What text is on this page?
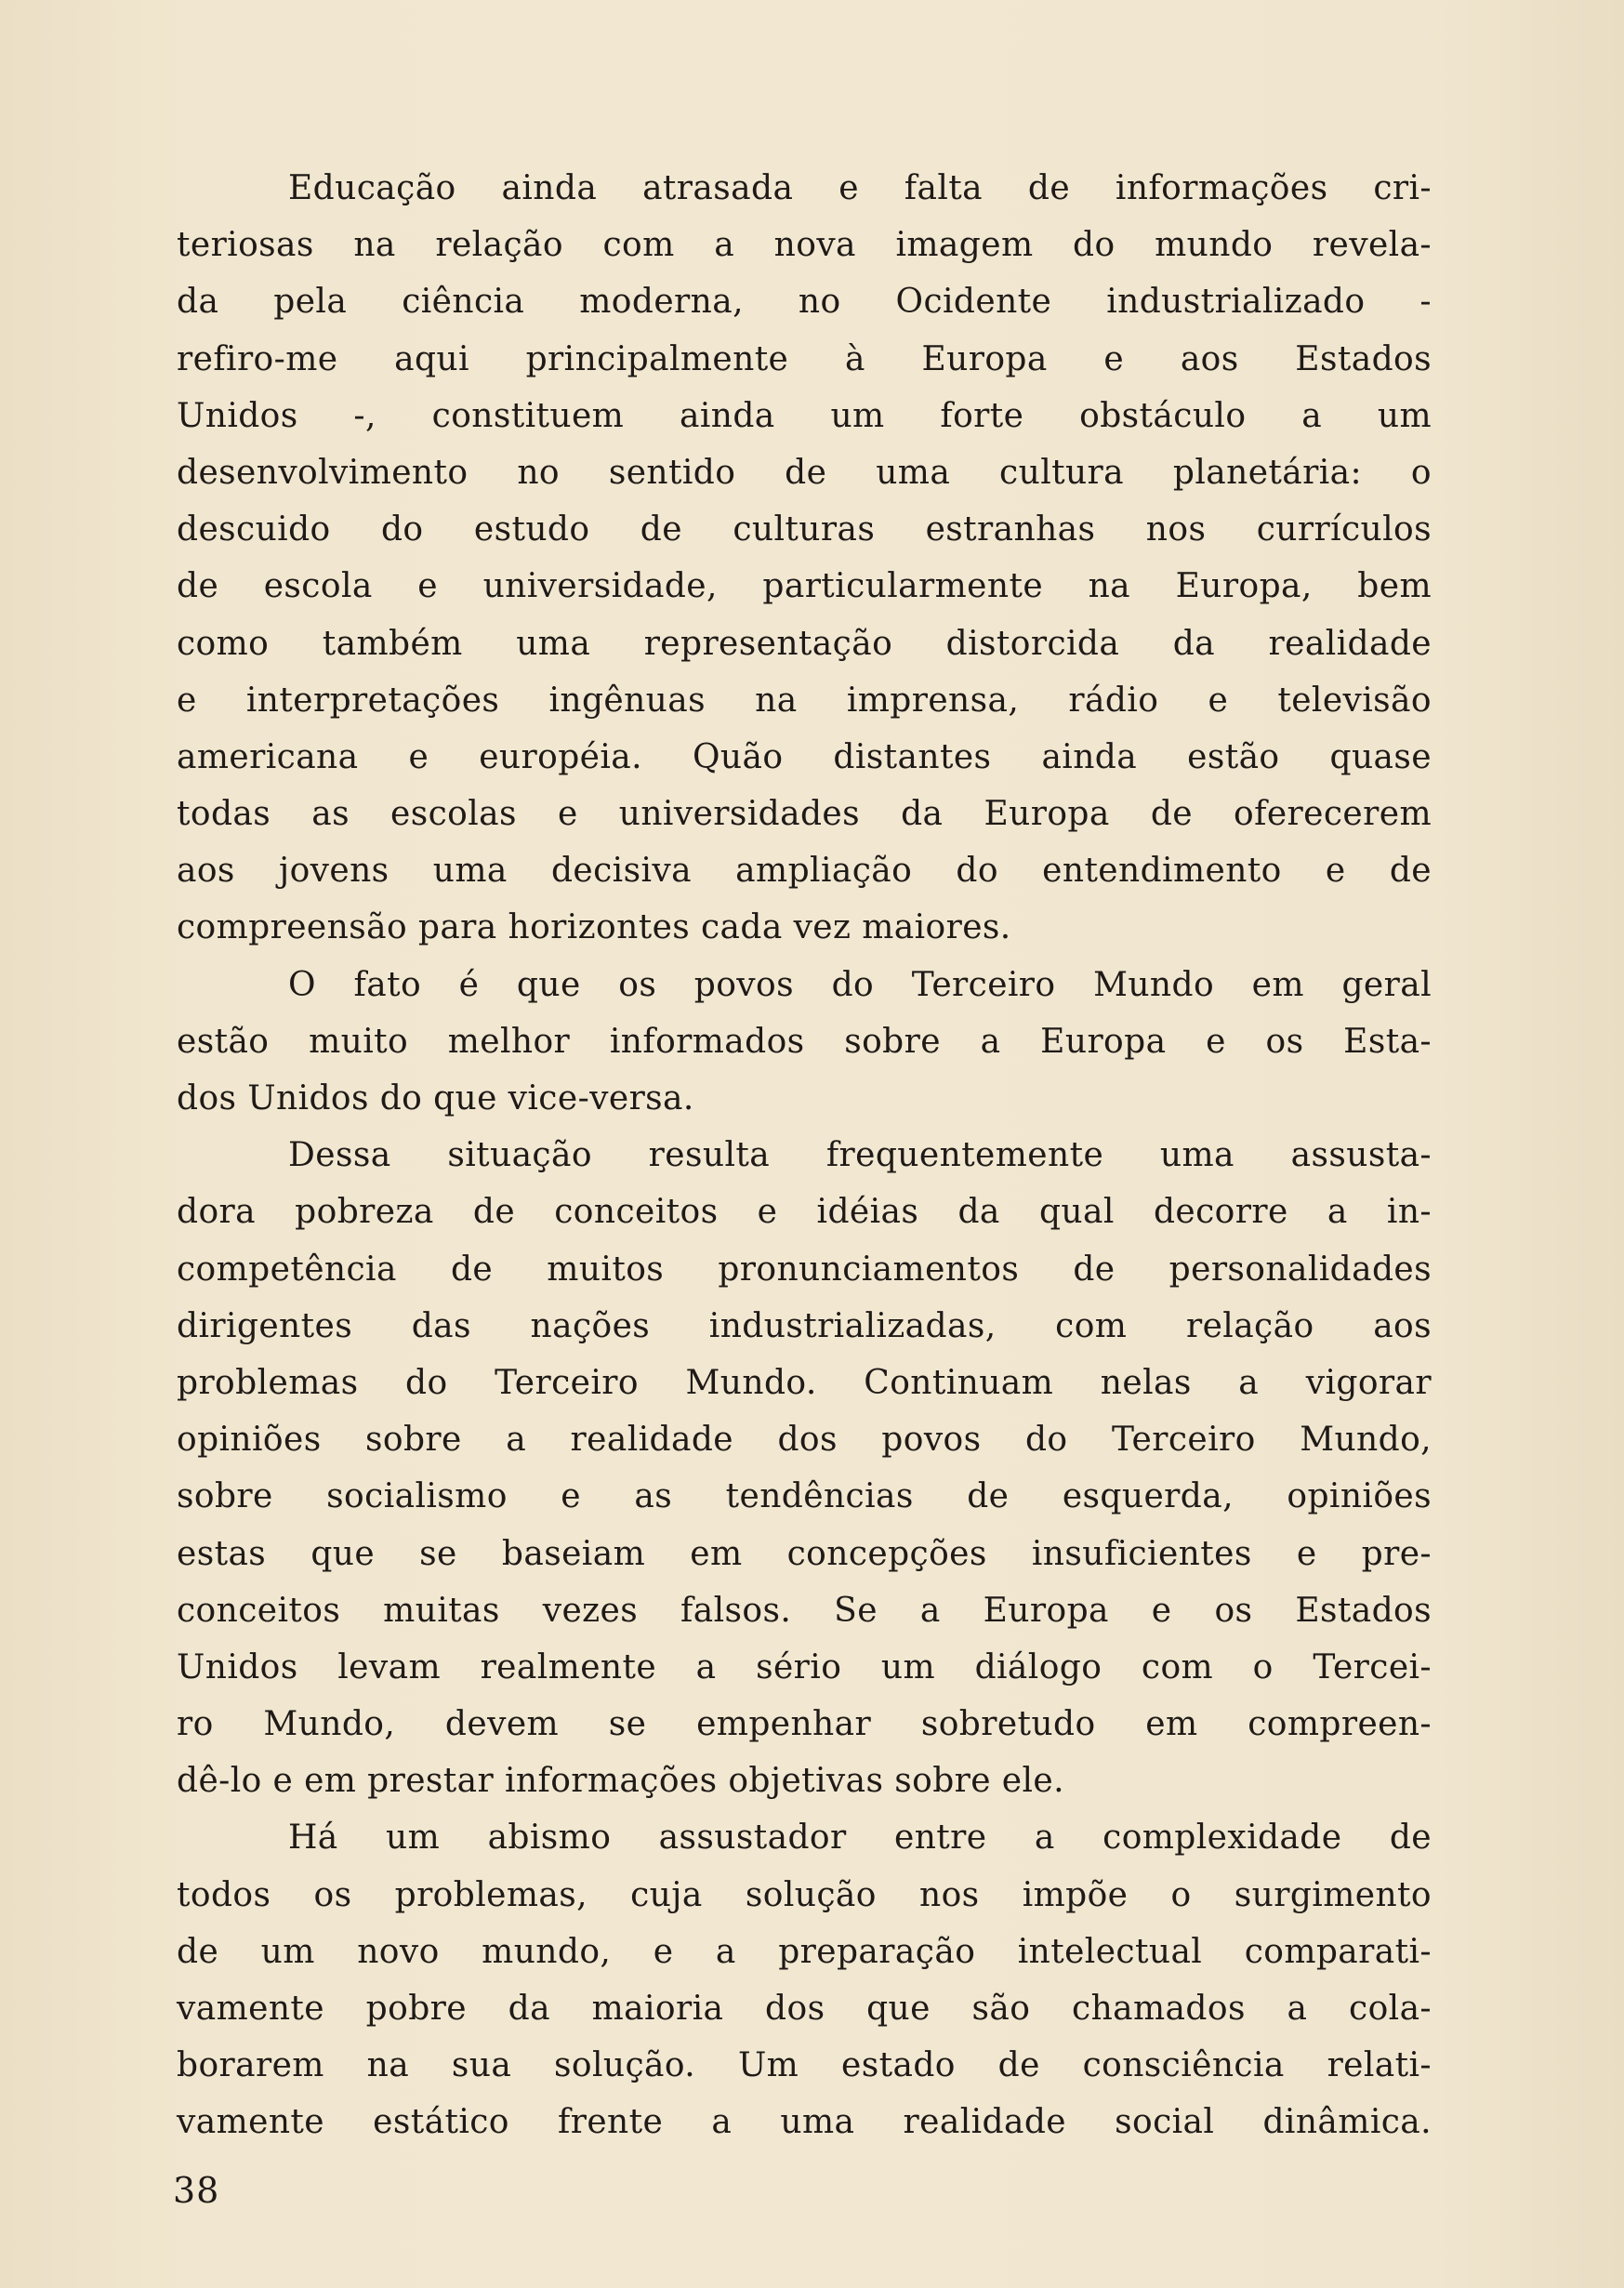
Educação ainda atrasada e falta de informações cri-
teriosas na relação com a nova imagem do mundo revela-
da pela ciência moderna, no Ocidente industrializado -
refiro-me aqui principalmente à Europa e aos Estados
Unidos -, constituem ainda um forte obstáculo a um
desenvolvimento no sentido de uma cultura planetária: o
descuido do estudo de culturas estranhas nos currículos
de escola e universidade, particularmente na Europa, bem
como também uma representação distorcida da realidade
e interpretações ingênuas na imprensa, rádio e televisão
americana e européia. Quão distantes ainda estão quase
todas as escolas e universidades da Europa de oferecerem
aos jovens uma decisiva ampliação do entendimento e de
compreensão para horizontes cada vez maiores.
O fato é que os povos do Terceiro Mundo em geral
estão muito melhor informados sobre a Europa e os Esta-
dos Unidos do que vice-versa.
Dessa situação resulta frequentemente uma assusta-
dora pobreza de conceitos e idéias da qual decorre a in-
competência de muitos pronunciamentos de personalidades
dirigentes das nações industrializadas, com relação aos
problemas do Terceiro Mundo. Continuam nelas a vigorar
opiniões sobre a realidade dos povos do Terceiro Mundo,
sobre socialismo e as tendências de esquerda, opiniões
estas que se baseiam em concepções insuficientes e pre-
conceitos muitas vezes falsos. Se a Europa e os Estados
Unidos levam realmente a sério um diálogo com o Tercei-
ro Mundo, devem se empenhar sobretudo em compreen-
dê-lo e em prestar informações objetivas sobre ele.
Há um abismo assustador entre a complexidade de
todos os problemas, cuja solução nos impõe o surgimento
de um novo mundo, e a preparação intelectual comparati-
vamente pobre da maioria dos que são chamados a cola-
borarem na sua solução. Um estado de consciência relati-
vamente estático frente a uma realidade social dinâmica.
38
